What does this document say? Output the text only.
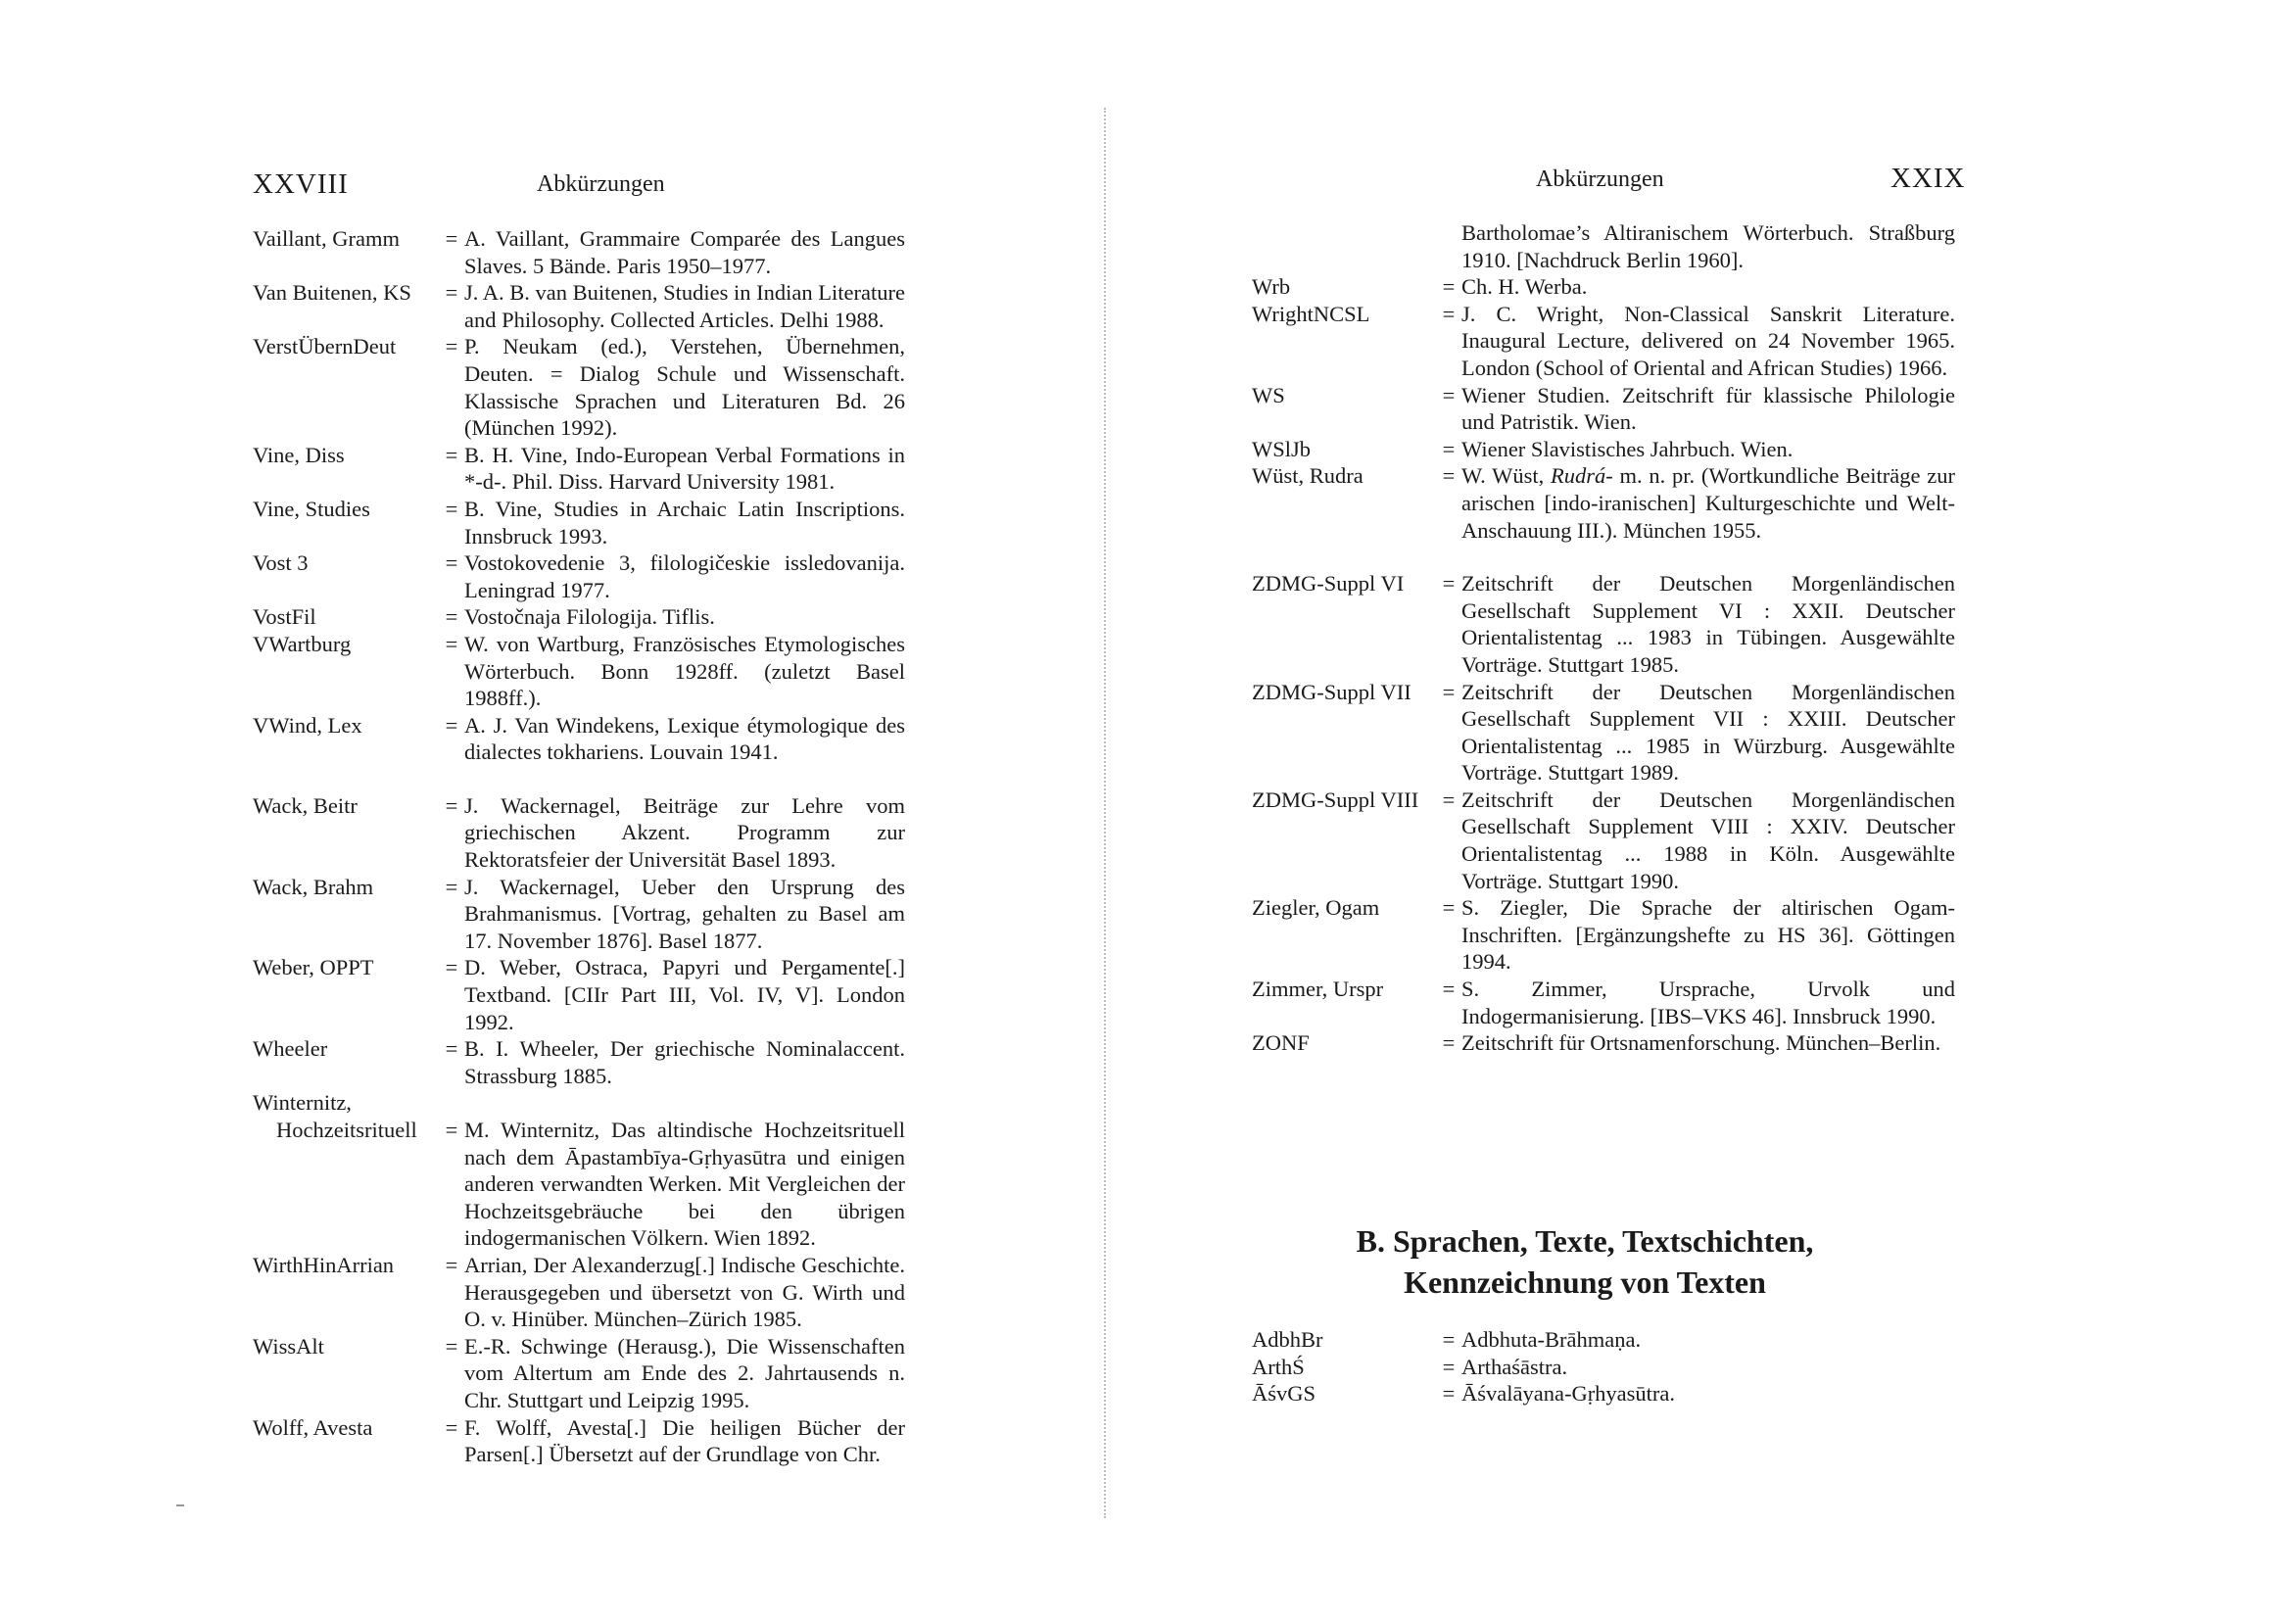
XXVIII	Abkürzungen
Vaillant, Gramm	= A. Vaillant, Grammaire Comparée des Langues Slaves. 5 Bände. Paris 1950–1977.
Van Buitenen, KS	= J. A. B. van Buitenen, Studies in Indian Literature and Philosophy. Collected Articles. Delhi 1988.
VerstÜbernDeut	= P. Neukam (ed.), Verstehen, Übernehmen, Deuten. = Dialog Schule und Wissenschaft. Klassische Sprachen und Literaturen Bd. 26 (München 1992).
Vine, Diss	= B. H. Vine, Indo-European Verbal Formations in *-d-. Phil. Diss. Harvard University 1981.
Vine, Studies	= B. Vine, Studies in Archaic Latin Inscriptions. Innsbruck 1993.
Vost 3	= Vostokovedenie 3, filologičeskie issledovanija. Leningrad 1977.
VostFil	= Vostočnaja Filologija. Tiflis.
VWartburg	= W. von Wartburg, Französisches Etymologisches Wörterbuch. Bonn 1928ff. (zuletzt Basel 1988ff.).
VWind, Lex	= A. J. Van Windekens, Lexique étymologique des dialectes tokhariens. Louvain 1941.
Wack, Beitr	= J. Wackernagel, Beiträge zur Lehre vom griechischen Akzent. Programm zur Rektoratsfeier der Universität Basel 1893.
Wack, Brahm	= J. Wackernagel, Ueber den Ursprung des Brahmanismus. [Vortrag, gehalten zu Basel am 17. November 1876]. Basel 1877.
Weber, OPPT	= D. Weber, Ostraca, Papyri und Pergamente[.] Textband. [CIIr Part III, Vol. IV, V]. London 1992.
Wheeler	= B. I. Wheeler, Der griechische Nominalaccent. Strassburg 1885.
Winternitz,
Hochzeitsrituell	= M. Winternitz, Das altindische Hochzeitsrituell nach dem Āpastambīya-Gṛhyasūtra und einigen anderen verwandten Werken. Mit Vergleichen der Hochzeitsgebräuche bei den übrigen indogermanischen Völkern. Wien 1892.
WirthHinArrian	= Arrian, Der Alexanderzug[.] Indische Geschichte. Herausgegeben und übersetzt von G. Wirth und O. v. Hinüber. München–Zürich 1985.
WissAlt	= E.-R. Schwinge (Herausg.), Die Wissenschaften vom Altertum am Ende des 2. Jahrtausends n. Chr. Stuttgart und Leipzig 1995.
Wolff, Avesta	= F. Wolff, Avesta[.] Die heiligen Bücher der Parsen[.] Übersetzt auf der Grundlage von Chr.
Abkürzungen	XXIX
Bartholomae’s Altiranischem Wörterbuch. Straßburg 1910. [Nachdruck Berlin 1960].
Wrb	= Ch. H. Werba.
WrightNCSL	= J. C. Wright, Non-Classical Sanskrit Literature. Inaugural Lecture, delivered on 24 November 1965. London (School of Oriental and African Studies) 1966.
WS	= Wiener Studien. Zeitschrift für klassische Philologie und Patristik. Wien.
WSlJb	= Wiener Slavistisches Jahrbuch. Wien.
Wüst, Rudra	= W. Wüst, Rudrá- m. n. pr. (Wortkundliche Beiträge zur arischen [indo-iranischen] Kulturgeschichte und Welt-Anschauung III.). München 1955.
ZDMG-Suppl VI	= Zeitschrift der Deutschen Morgenländischen Gesellschaft Supplement VI : XXII. Deutscher Orientalistentag ... 1983 in Tübingen. Ausgewählte Vorträge. Stuttgart 1985.
ZDMG-Suppl VII	= Zeitschrift der Deutschen Morgenländischen Gesellschaft Supplement VII : XXIII. Deutscher Orientalistentag ... 1985 in Würzburg. Ausgewählte Vorträge. Stuttgart 1989.
ZDMG-Suppl VIII	= Zeitschrift der Deutschen Morgenländischen Gesellschaft Supplement VIII : XXIV. Deutscher Orientalistentag ... 1988 in Köln. Ausgewählte Vorträge. Stuttgart 1990.
Ziegler, Ogam	= S. Ziegler, Die Sprache der altirischen Ogam-Inschriften. [Ergänzungshefte zu HS 36]. Göttingen 1994.
Zimmer, Urspr	= S. Zimmer, Ursprache, Urvolk und Indogermanisierung. [IBS–VKS 46]. Innsbruck 1990.
ZONF	= Zeitschrift für Ortsnamenforschung. München–Berlin.
B. Sprachen, Texte, Textschichten,
Kennzeichnung von Texten
AdbhBr	= Adbhuta-Brāhmaṇa.
ArthŚ	= Arthaśāstra.
ĀśvGS	= Āśvalāyana-Gṛhyasūtra.
